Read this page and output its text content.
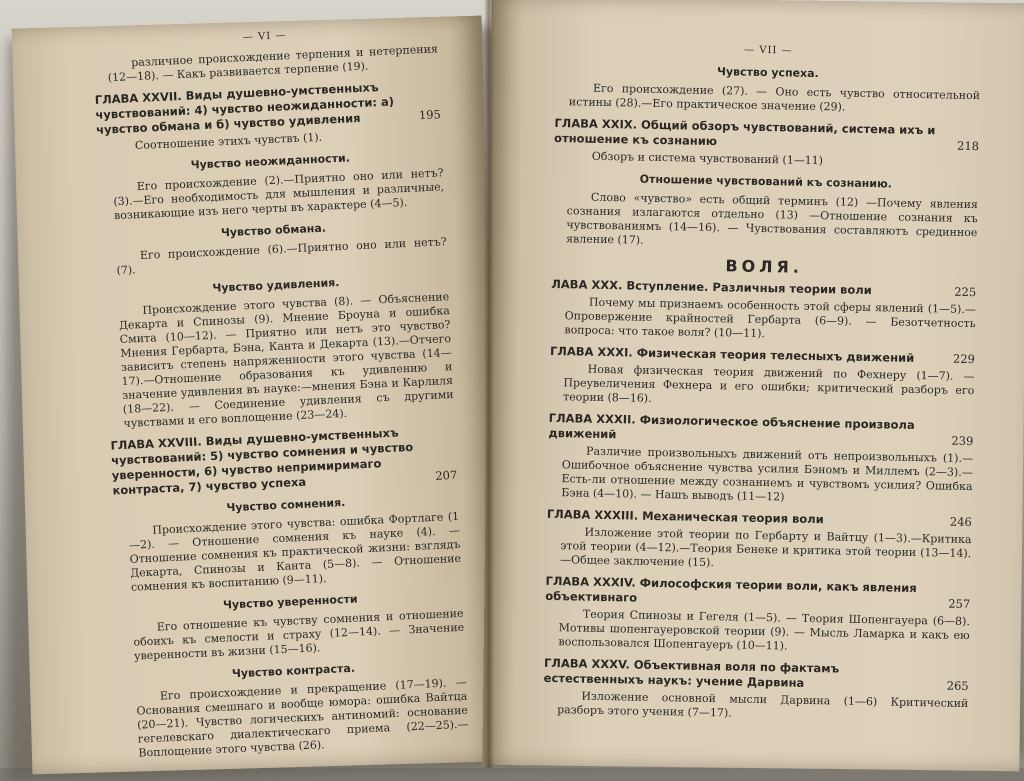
— VI —

различное происхождение терпения и нетерпения (12—18). — Какъ развивается терпение (19).

ГЛАВА XXVII. Виды душевно-умственныхъ чувствований: 4) чувство неожиданности: а) чувство обмана и б) чувство удивления	195

Соотношение этихъ чувствъ (1).

Чувство неожиданности.

Его происхождение (2).—Приятно оно или нетъ? (3).—Его необходимость для мышления и различные, возникающие изъ него черты въ характере (4—5).

Чувство обмана.

Его происхождение (6).—Приятно оно или нетъ? (7).

Чувство удивления.

Происхождение этого чувства (8). — Объяснение Декарта и Спинозы (9). Мнение Броуна и ошибка Смита (10—12). — Приятно или нетъ это чувство? Мнения Гербарта, Бэна, Канта и Декарта (13).—Отчего зависитъ степень напряженности этого чувства (14—17).—Отношение образования къ удивлению и значение удивления въ науке:—мнения Бэна и Карлиля (18—22). — Соединение удивления съ другими чувствами и его воплощение (23—24).

ГЛАВА XXVIII. Виды душевно-умственныхъ чувствований: 5) чувство сомнения и чувство уверенности, 6) чувство непримиримаго контраста, 7) чувство успеха	207
Чувство сомнения.

Происхождение этого чувства: ошибка Фортлаге (1—2). — Отношение сомнения къ науке (4). — Отношение сомнения къ практической жизни: взглядъ Декарта, Спинозы и Канта (5—8). — Отношение сомнения къ воспитанию (9—11).

Чувство уверенности

Его отношение къ чувству сомнения и отношение обоихъ къ смелости и страху (12—14). — Значение уверенности въ жизни (15—16).

Чувство контраста.

Его происхождение и прекращение (17—19). — Основания смешнаго и вообще юмора: ошибка Вайтца (20—21). Чувство логическихъ антиномий: основание гегелевскаго диалектическаго приема (22—25).—Воплощение этого чувства (26).

— VII —
Чувство успеха.

Его происхождение (27). — Оно есть чувство относительной истины (28).—Его практическое значение (29).

ГЛАВА XXIX. Общий обзоръ чувствований, система ихъ и отношение къ сознанию	218

Обзоръ и система чувствований (1—11)

Отношение чувствований къ сознанию.

Слово «чувство» есть общий терминъ (12) —Почему явления сознания излагаются отдельно (13) —Отношение сознания къ чувствованиямъ (14—16). — Чувствования составляютъ срединное явление (17).

ВОЛЯ.
ЛАВА XXX. Вступление. Различныя теории воли	225

Почему мы признаемъ особенность этой сферы явлений (1—5).—Опровержение крайностей Гербарта (6—9). — Безотчетность вопроса: что такое воля? (10—11).

ГЛАВА XXXI. Физическая теория телесныхъ движений	229

Новая физическая теория движений по Фехнеру (1—7). — Преувеличения Фехнера и его ошибки; критический разборъ его теории (8—16).

ГЛАВА XXXII. Физиологическое объяснение произвола движений	239

Различие произвольныхъ движений отъ непроизвольныхъ (1).—Ошибочное объяснение чувства усилия Бэномъ и Миллемъ (2—3).—Есть-ли отношение между сознаниемъ и чувствомъ усилия? Ошибка Бэна (4—10). — Нашъ выводъ (11—12)

ГЛАВА XXXIII. Механическая теория воли	246

Изложение этой теории по Гербарту и Вайтцу (1—3).—Критика этой теории (4—12).—Теория Бенеке и критика этой теории (13—14).—Общее заключение (15).

ГЛАВА XXXIV. Философския теории воли, какъ явления объективнаго	257

Теория Спинозы и Гегеля (1—5). — Теория Шопенгауера (6—8). Мотивы шопенгауеровской теории (9). — Мысль Ламарка и какъ ею воспользовался Шопенгауеръ (10—11).

ГЛАВА XXXV. Объективная воля по фактамъ естественныхъ наукъ: учение Дарвина	265

Изложение основной мысли Дарвина (1—6) Критический разборъ этого учения (7—17).
